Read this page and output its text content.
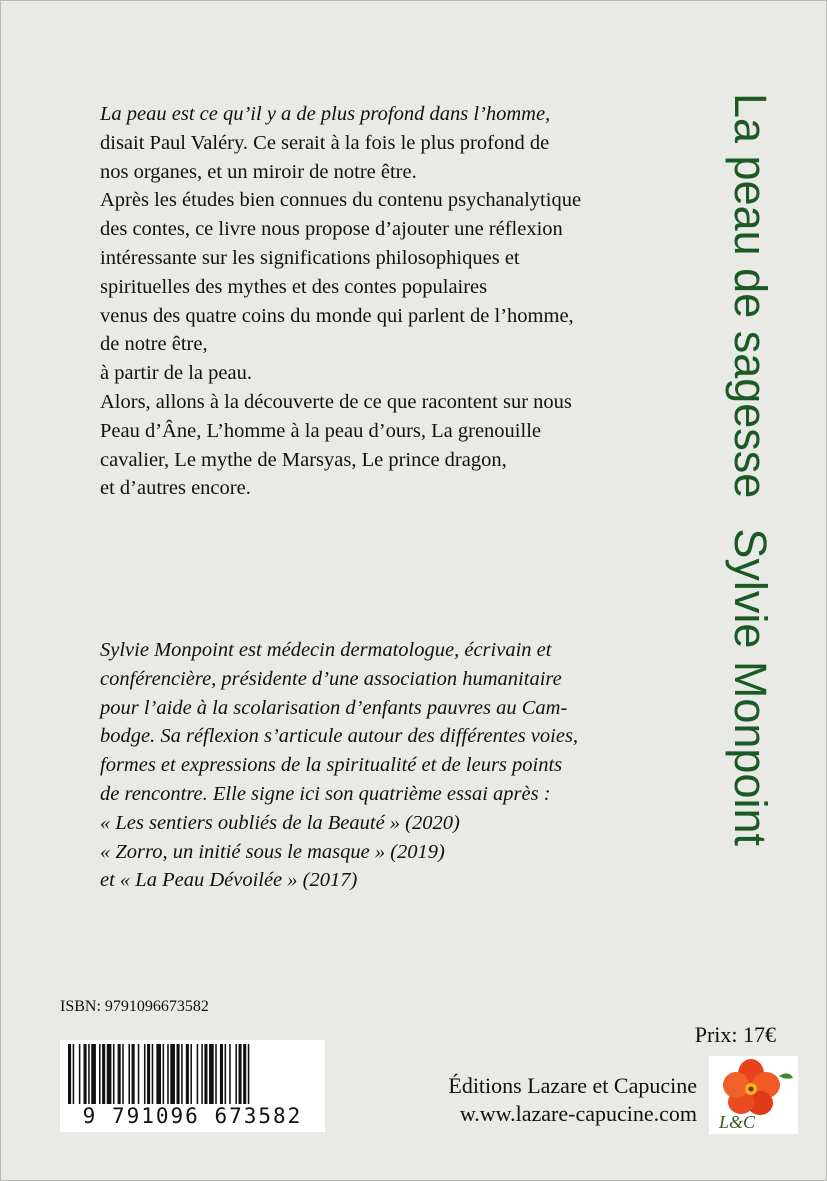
La peau est ce qu’il y a de plus profond dans l’homme,
disait Paul Valéry. Ce serait à la fois le plus profond de
nos organes, et un miroir de notre être.
Après les études bien connues du contenu psychanalytique
des contes, ce livre nous propose d’ajouter une réflexion
intéressante sur les significations philosophiques et
spirituelles des mythes et des contes populaires
venus des quatre coins du monde qui parlent de l’homme,
de notre être,
à partir de la peau.
Alors, allons à la découverte de ce que racontent sur nous
Peau d’Âne, L’homme à la peau d’ours, La grenouille
cavalier, Le mythe de Marsyas, Le prince dragon,
et d’autres encore.
Sylvie Monpoint est médecin dermatologue, écrivain et
conférencière, présidente d’une association humanitaire
pour l’aide à la scolarisation d’enfants pauvres au Cam-
bodge. Sa réflexion s’articule autour des différentes voies,
formes et expressions de la spiritualité et de leurs points
de rencontre. Elle signe ici son quatrième essai après :
« Les sentiers oubliés de la Beauté » (2020)
« Zorro, un initié sous le masque » (2019)
et « La Peau Dévoilée » (2017)
La peau de sagesseSylvie Monpoint
ISBN: 9791096673582
9 791096 673582
Prix: 17€
Éditions Lazare et Capucine
w.ww.lazare-capucine.com L&C
